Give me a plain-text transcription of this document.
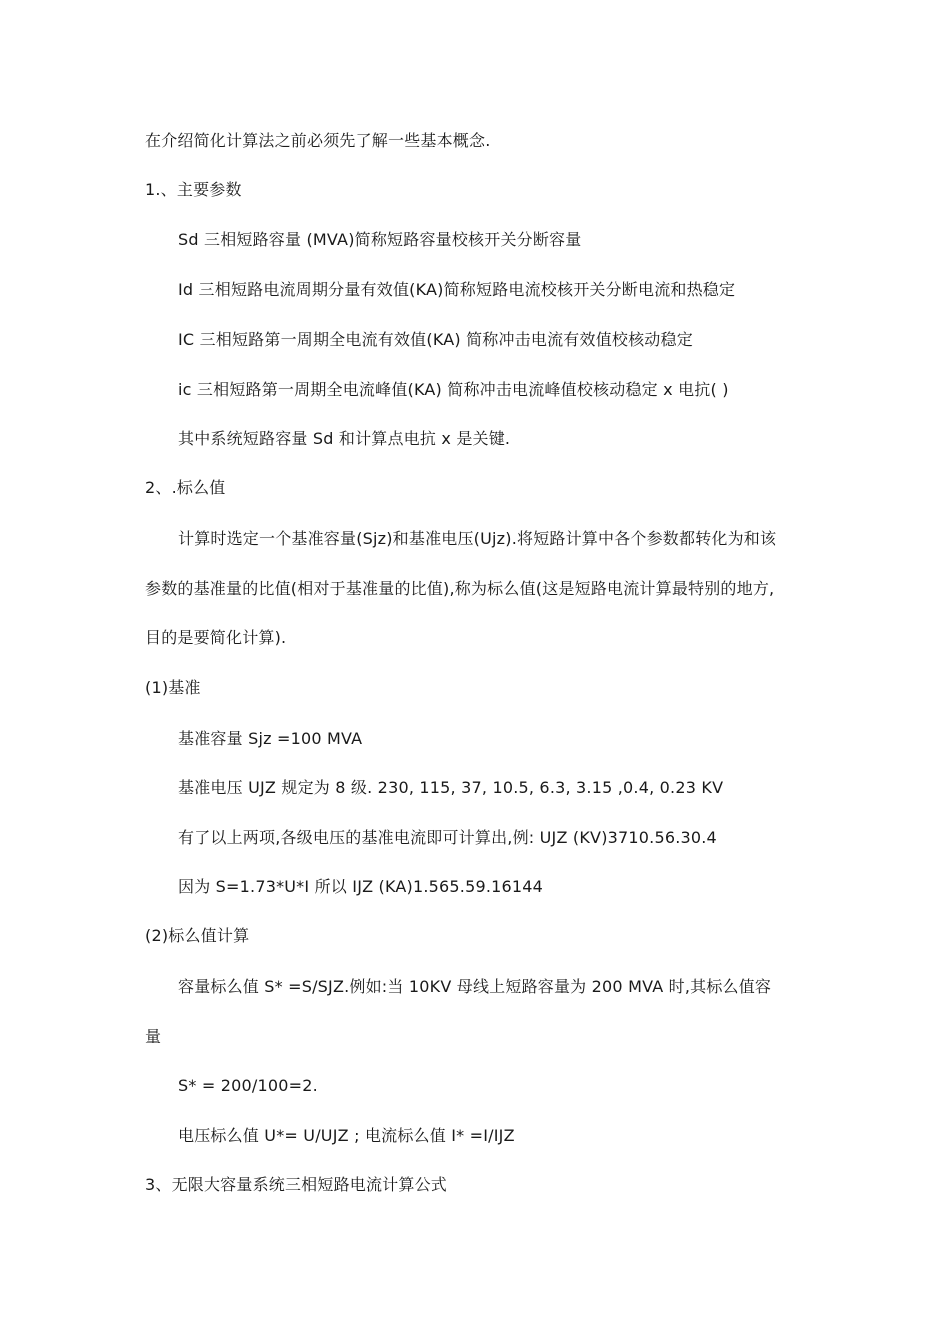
在介绍简化计算法之前必须先了解一些基本概念.
1.、主要参数
Sd 三相短路容量 (MVA)简称短路容量校核开关分断容量
Id 三相短路电流周期分量有效值(KA)简称短路电流校核开关分断电流和热稳定
IC 三相短路第一周期全电流有效值(KA) 简称冲击电流有效值校核动稳定
ic 三相短路第一周期全电流峰值(KA) 简称冲击电流峰值校核动稳定 x 电抗( )
其中系统短路容量 Sd 和计算点电抗 x 是关键.
2、.标么值
计算时选定一个基准容量(Sjz)和基准电压(Ujz).将短路计算中各个参数都转化为和该
参数的基准量的比值(相对于基准量的比值),称为标么值(这是短路电流计算最特别的地方,
目的是要简化计算).
(1)基准
基准容量 Sjz =100 MVA
基准电压 UJZ 规定为 8 级. 230, 115, 37, 10.5, 6.3, 3.15 ,0.4, 0.23 KV
有了以上两项,各级电压的基准电流即可计算出,例: UJZ (KV)3710.56.30.4
因为 S=1.73*U*I 所以 IJZ (KA)1.565.59.16144
(2)标么值计算
容量标么值 S* =S/SJZ.例如:当 10KV 母线上短路容量为 200 MVA 时,其标么值容
量
S* = 200/100=2.
电压标么值 U*= U/UJZ ; 电流标么值 I* =I/IJZ
3、无限大容量系统三相短路电流计算公式
